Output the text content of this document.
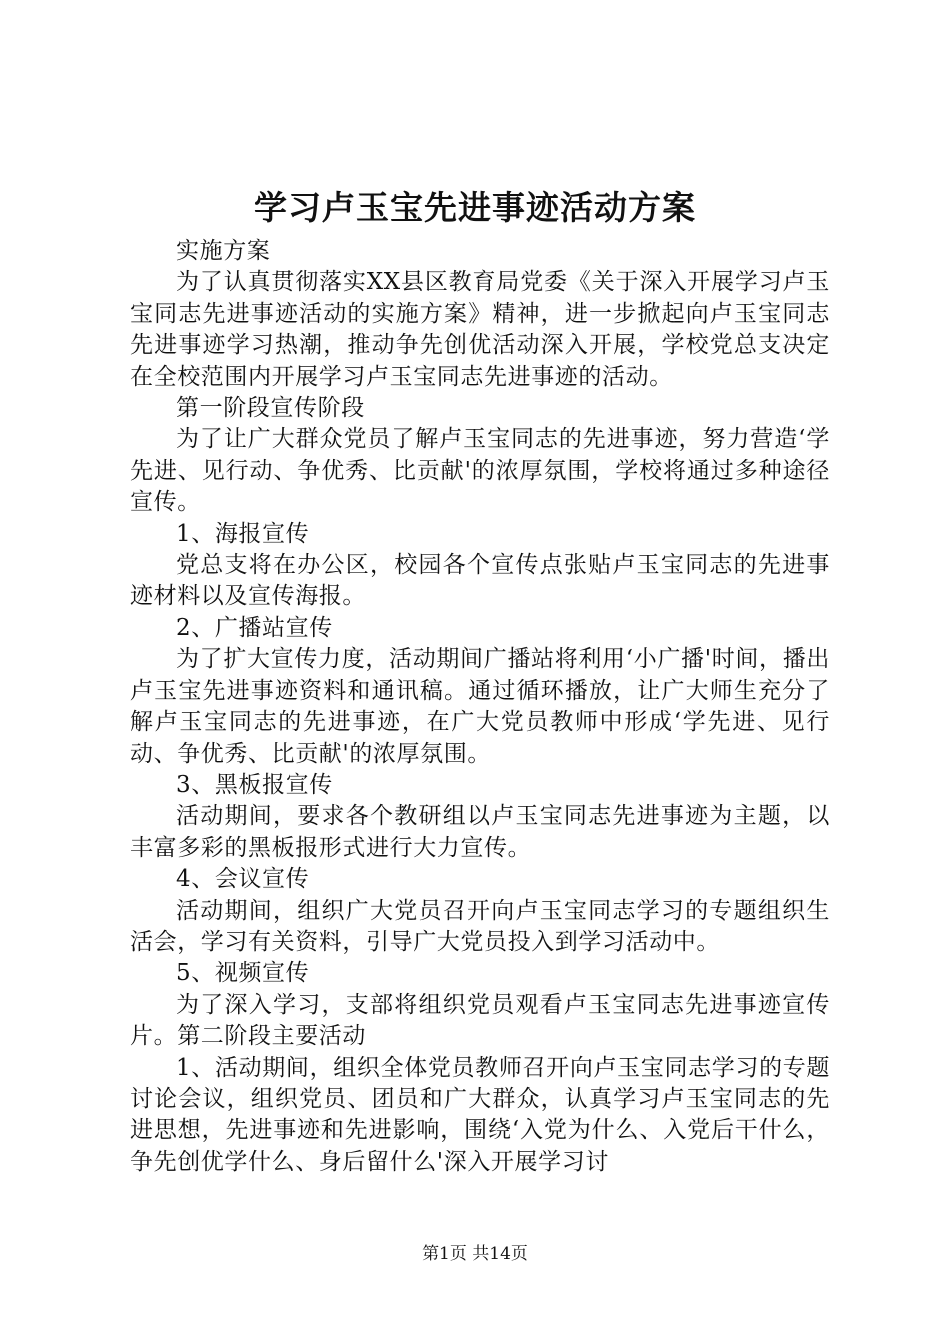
学习卢玉宝先进事迹活动方案

实施方案

为了认真贯彻落实XX县区教育局党委《关于深入开展学习卢玉宝同志先进事迹活动的实施方案》精神，进一步掀起向卢玉宝同志先进事迹学习热潮，推动争先创优活动深入开展，学校党总支决定在全校范围内开展学习卢玉宝同志先进事迹的活动。

第一阶段宣传阶段

为了让广大群众党员了解卢玉宝同志的先进事迹，努力营造‘学先进、见行动、争优秀、比贡献'的浓厚氛围，学校将通过多种途径宣传。

1、海报宣传

党总支将在办公区，校园各个宣传点张贴卢玉宝同志的先进事迹材料以及宣传海报。

2、广播站宣传

为了扩大宣传力度，活动期间广播站将利用‘小广播'时间，播出卢玉宝先进事迹资料和通讯稿。通过循环播放，让广大师生充分了解卢玉宝同志的先进事迹，在广大党员教师中形成‘学先进、见行动、争优秀、比贡献'的浓厚氛围。

3、黑板报宣传

活动期间，要求各个教研组以卢玉宝同志先进事迹为主题，以丰富多彩的黑板报形式进行大力宣传。

4、会议宣传

活动期间，组织广大党员召开向卢玉宝同志学习的专题组织生活会，学习有关资料，引导广大党员投入到学习活动中。

5、视频宣传

为了深入学习，支部将组织党员观看卢玉宝同志先进事迹宣传片。第二阶段主要活动

1、活动期间，组织全体党员教师召开向卢玉宝同志学习的专题讨论会议，组织党员、团员和广大群众，认真学习卢玉宝同志的先进思想，先进事迹和先进影响，围绕‘入党为什么、入党后干什么，争先创优学什么、身后留什么'深入开展学习讨

第1页 共14页
